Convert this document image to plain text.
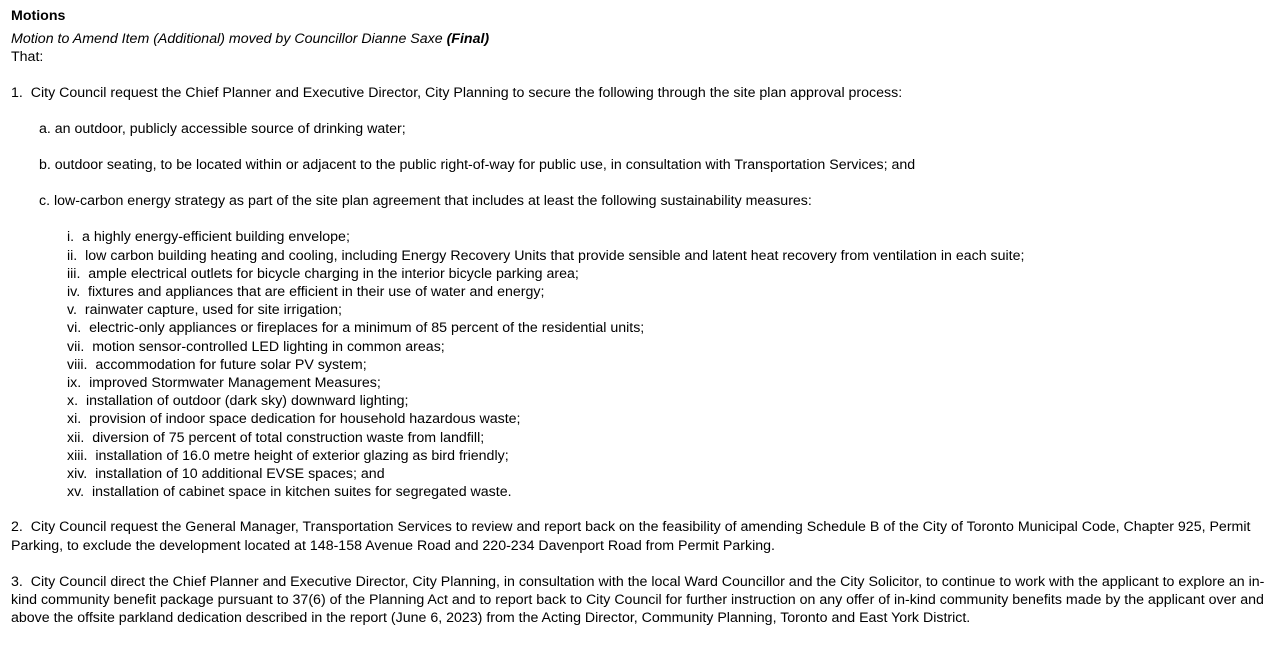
Motions
Motion to Amend Item (Additional) moved by Councillor Dianne Saxe (Final)
That:
1. City Council request the Chief Planner and Executive Director, City Planning to secure the following through the site plan approval process:
a. an outdoor, publicly accessible source of drinking water;
b. outdoor seating, to be located within or adjacent to the public right-of-way for public use, in consultation with Transportation Services; and
c. low-carbon energy strategy as part of the site plan agreement that includes at least the following sustainability measures:
i. a highly energy-efficient building envelope;
ii. low carbon building heating and cooling, including Energy Recovery Units that provide sensible and latent heat recovery from ventilation in each suite;
iii. ample electrical outlets for bicycle charging in the interior bicycle parking area;
iv. fixtures and appliances that are efficient in their use of water and energy;
v. rainwater capture, used for site irrigation;
vi. electric-only appliances or fireplaces for a minimum of 85 percent of the residential units;
vii. motion sensor-controlled LED lighting in common areas;
viii. accommodation for future solar PV system;
ix. improved Stormwater Management Measures;
x. installation of outdoor (dark sky) downward lighting;
xi. provision of indoor space dedication for household hazardous waste;
xii. diversion of 75 percent of total construction waste from landfill;
xiii. installation of 16.0 metre height of exterior glazing as bird friendly;
xiv. installation of 10 additional EVSE spaces; and
xv. installation of cabinet space in kitchen suites for segregated waste.
2. City Council request the General Manager, Transportation Services to review and report back on the feasibility of amending Schedule B of the City of Toronto Municipal Code, Chapter 925, Permit Parking, to exclude the development located at 148-158 Avenue Road and 220-234 Davenport Road from Permit Parking.
3. City Council direct the Chief Planner and Executive Director, City Planning, in consultation with the local Ward Councillor and the City Solicitor, to continue to work with the applicant to explore an in-kind community benefit package pursuant to 37(6) of the Planning Act and to report back to City Council for further instruction on any offer of in-kind community benefits made by the applicant over and above the offsite parkland dedication described in the report (June 6, 2023) from the Acting Director, Community Planning, Toronto and East York District.
